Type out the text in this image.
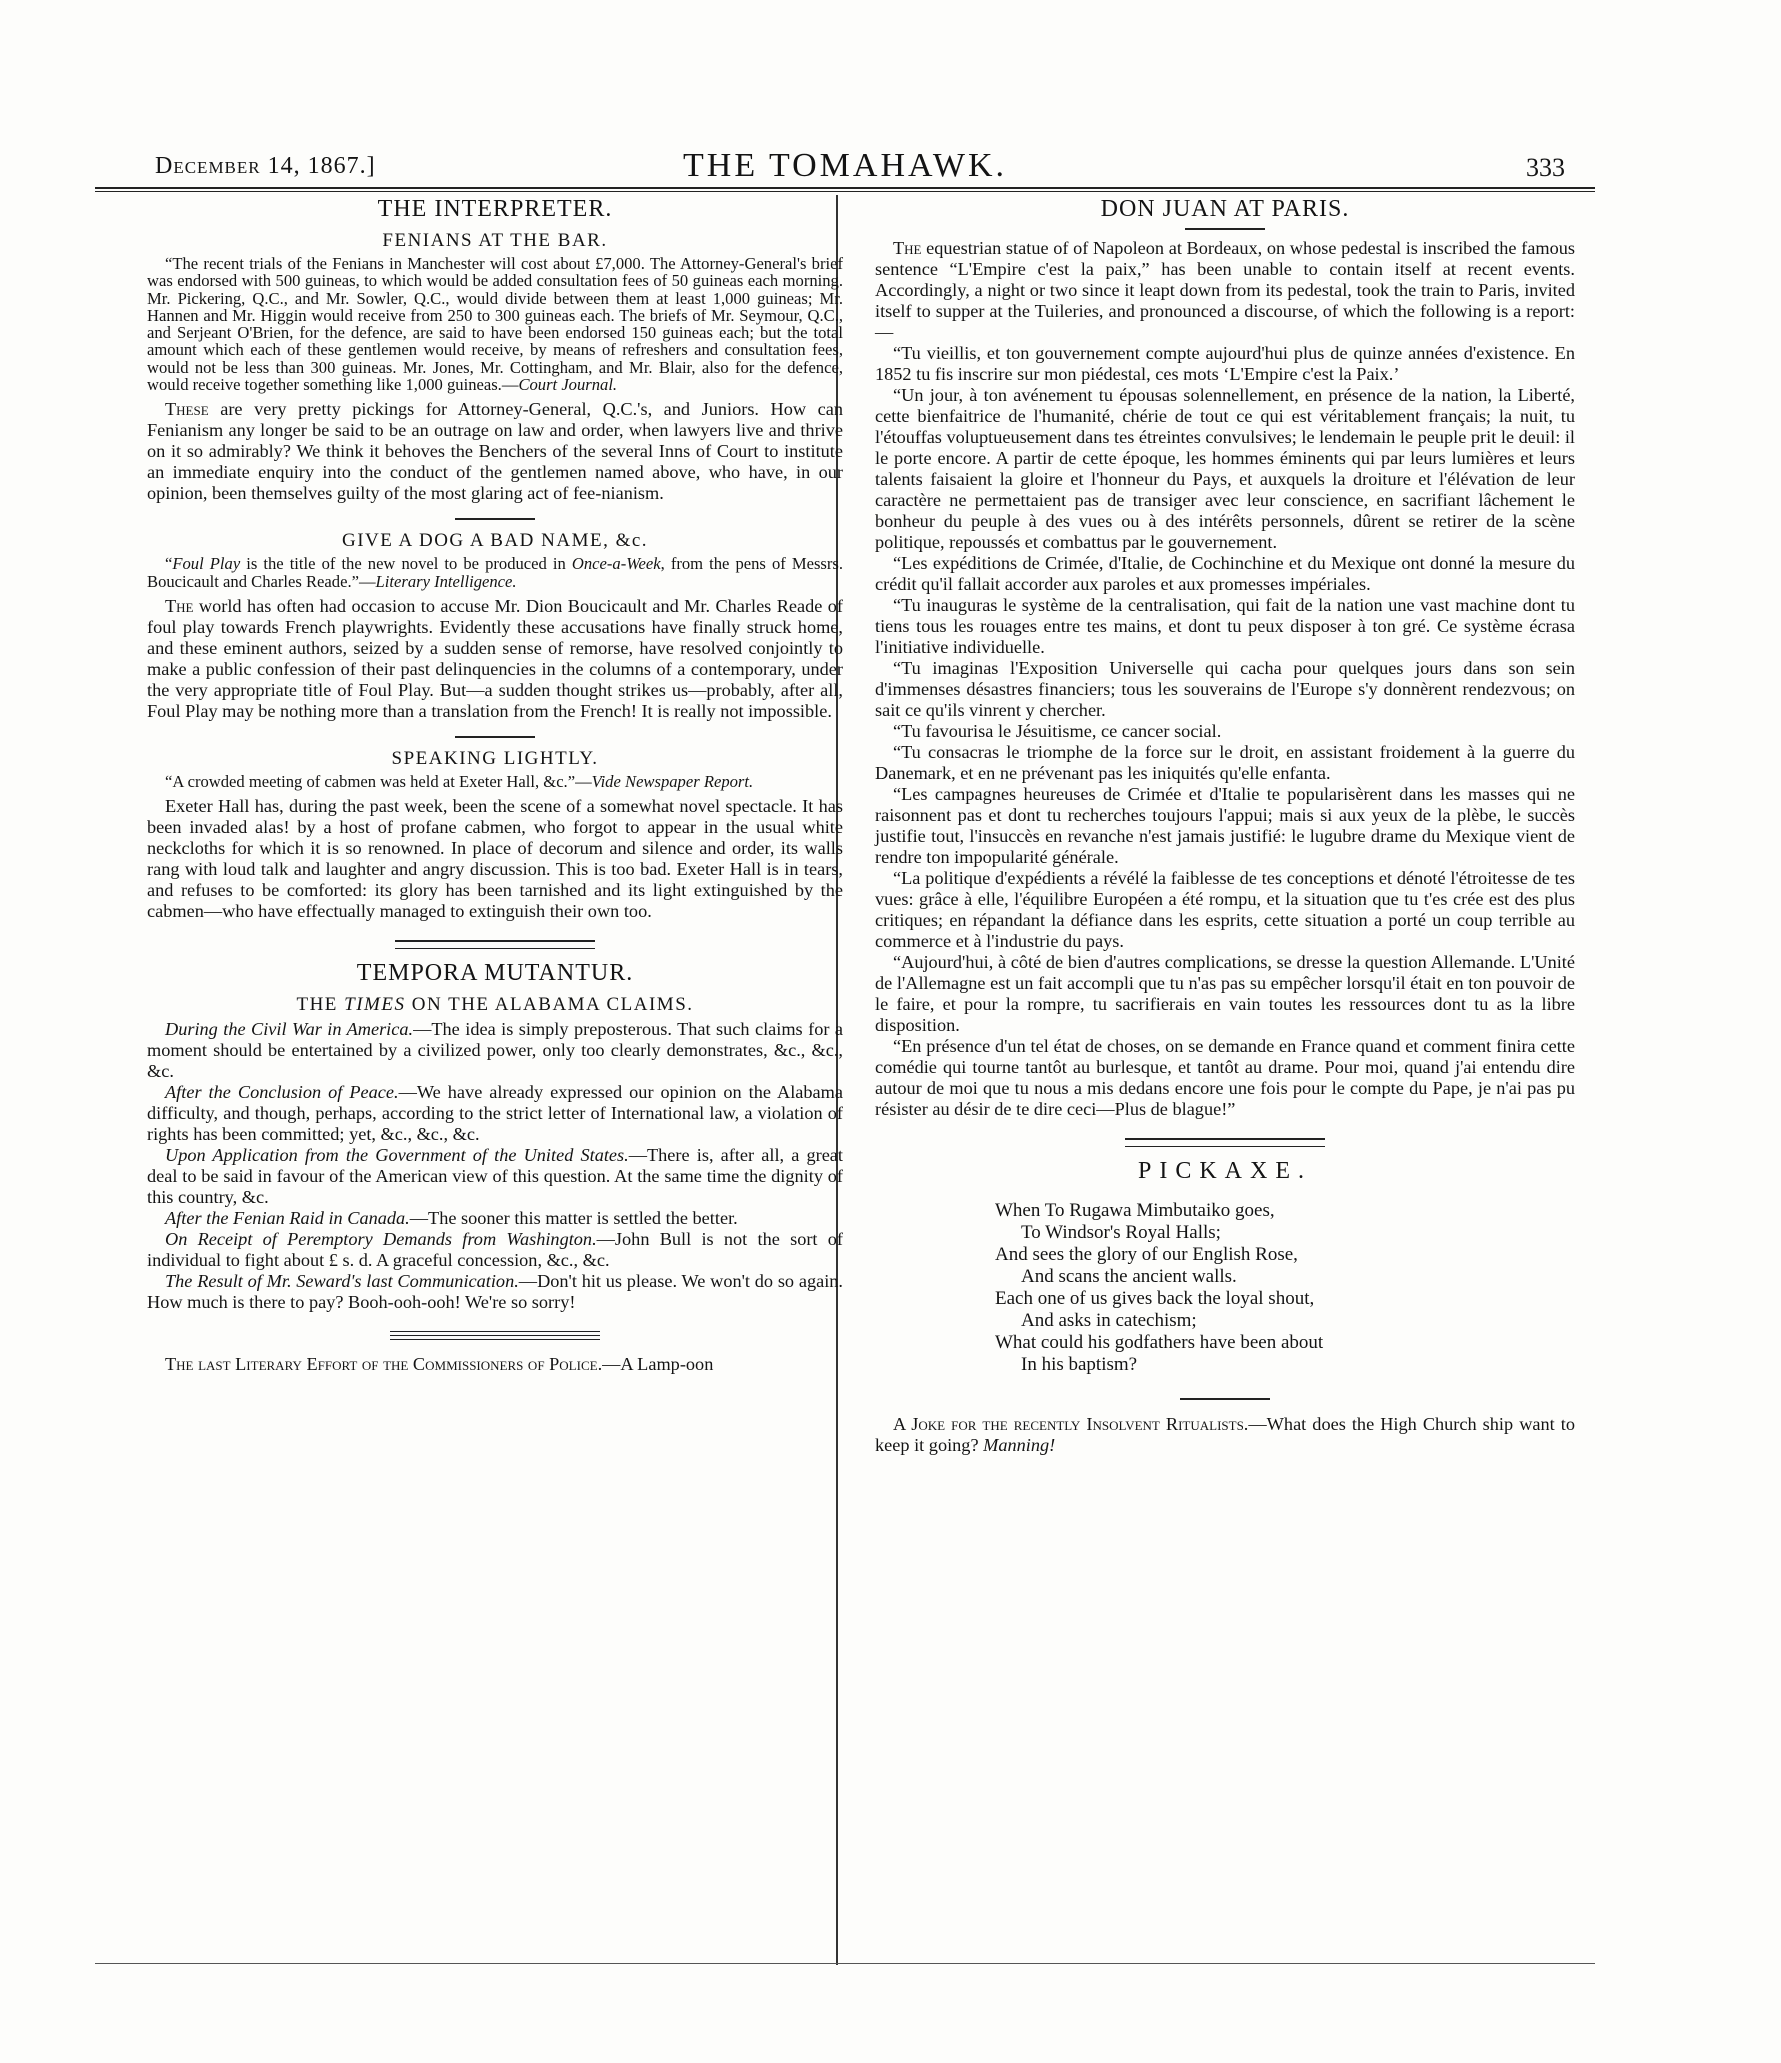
December 14, 1867.]	THE TOMAHAWK.	333
THE INTERPRETER.
FENIANS AT THE BAR.

“The recent trials of the Fenians in Manchester will cost about £7,000. The Attorney-General's brief was endorsed with 500 guineas, to which would be added consultation fees of 50 guineas each morning. Mr. Pickering, Q.C., and Mr. Sowler, Q.C., would divide between them at least 1,000 guineas; Mr. Hannen and Mr. Higgin would receive from 250 to 300 guineas each. The briefs of Mr. Seymour, Q.C., and Serjeant O'Brien, for the defence, are said to have been endorsed 150 guineas each; but the total amount which each of these gentlemen would receive, by means of refreshers and consultation fees, would not be less than 300 guineas. Mr. Jones, Mr. Cottingham, and Mr. Blair, also for the defence, would receive together something like 1,000 guineas.—Court Journal.

These are very pretty pickings for Attorney-General, Q.C.'s, and Juniors. How can Fenianism any longer be said to be an outrage on law and order, when lawyers live and thrive on it so admirably? We think it behoves the Benchers of the several Inns of Court to institute an immediate enquiry into the conduct of the gentlemen named above, who have, in our opinion, been themselves guilty of the most glaring act of fee-nianism.

GIVE A DOG A BAD NAME, &c.

“Foul Play is the title of the new novel to be produced in Once-a-Week, from the pens of Messrs. Boucicault and Charles Reade.”—Literary Intelligence.

The world has often had occasion to accuse Mr. Dion Boucicault and Mr. Charles Reade of foul play towards French playwrights. Evidently these accusations have finally struck home, and these eminent authors, seized by a sudden sense of remorse, have resolved conjointly to make a public confession of their past delinquencies in the columns of a contemporary, under the very appropriate title of Foul Play. But—a sudden thought strikes us—probably, after all, Foul Play may be nothing more than a translation from the French! It is really not impossible.

SPEAKING LIGHTLY.

“A crowded meeting of cabmen was held at Exeter Hall, &c.”—Vide Newspaper Report.

Exeter Hall has, during the past week, been the scene of a somewhat novel spectacle. It has been invaded alas! by a host of profane cabmen, who forgot to appear in the usual white neckcloths for which it is so renowned. In place of decorum and silence and order, its walls rang with loud talk and laughter and angry discussion. This is too bad. Exeter Hall is in tears, and refuses to be comforted: its glory has been tarnished and its light extinguished by the cabmen—who have effectually managed to extinguish their own too.

TEMPORA MUTANTUR.
THE TIMES ON THE ALABAMA CLAIMS.

During the Civil War in America.—The idea is simply preposterous. That such claims for a moment should be entertained by a civilized power, only too clearly demonstrates, &c., &c., &c.

After the Conclusion of Peace.—We have already expressed our opinion on the Alabama difficulty, and though, perhaps, according to the strict letter of International law, a violation of rights has been committed; yet, &c., &c., &c.

Upon Application from the Government of the United States.—There is, after all, a great deal to be said in favour of the American view of this question. At the same time the dignity of this country, &c.

After the Fenian Raid in Canada.—The sooner this matter is settled the better.

On Receipt of Peremptory Demands from Washington.—John Bull is not the sort of individual to fight about £ s. d. A graceful concession, &c., &c.

The Result of Mr. Seward's last Communication.—Don't hit us please. We won't do so again. How much is there to pay? Booh-ooh-ooh! We're so sorry!

The last Literary Effort of the Commissioners of Police.—A Lamp-oon

DON JUAN AT PARIS.

The equestrian statue of of Napoleon at Bordeaux, on whose pedestal is inscribed the famous sentence “L'Empire c'est la paix,” has been unable to contain itself at recent events. Accordingly, a night or two since it leapt down from its pedestal, took the train to Paris, invited itself to supper at the Tuileries, and pronounced a discourse, of which the following is a report:—

“Tu vieillis, et ton gouvernement compte aujourd'hui plus de quinze années d'existence. En 1852 tu fis inscrire sur mon piédestal, ces mots ‘L'Empire c'est la Paix.’

“Un jour, à ton avénement tu épousas solennellement, en présence de la nation, la Liberté, cette bienfaitrice de l'humanité, chérie de tout ce qui est véritablement français; la nuit, tu l'étouffas voluptueusement dans tes étreintes convulsives; le lendemain le peuple prit le deuil: il le porte encore. A partir de cette époque, les hommes éminents qui par leurs lumières et leurs talents faisaient la gloire et l'honneur du Pays, et auxquels la droiture et l'élévation de leur caractère ne permettaient pas de transiger avec leur conscience, en sacrifiant lâchement le bonheur du peuple à des vues ou à des intérêts personnels, dûrent se retirer de la scène politique, repoussés et combattus par le gouvernement.

“Les expéditions de Crimée, d'Italie, de Cochinchine et du Mexique ont donné la mesure du crédit qu'il fallait accorder aux paroles et aux promesses impériales.

“Tu inauguras le système de la centralisation, qui fait de la nation une vast machine dont tu tiens tous les rouages entre tes mains, et dont tu peux disposer à ton gré. Ce système écrasa l'initiative individuelle.

“Tu imaginas l'Exposition Universelle qui cacha pour quelques jours dans son sein d'immenses désastres financiers; tous les souverains de l'Europe s'y donnèrent rendezvous; on sait ce qu'ils vinrent y chercher.

“Tu favourisa le Jésuitisme, ce cancer social.

“Tu consacras le triomphe de la force sur le droit, en assistant froidement à la guerre du Danemark, et en ne prévenant pas les iniquités qu'elle enfanta.

“Les campagnes heureuses de Crimée et d'Italie te popularisèrent dans les masses qui ne raisonnent pas et dont tu recherches toujours l'appui; mais si aux yeux de la plèbe, le succès justifie tout, l'insuccès en revanche n'est jamais justifié: le lugubre drame du Mexique vient de rendre ton impopularité générale.

“La politique d'expédients a révélé la faiblesse de tes conceptions et dénoté l'étroitesse de tes vues: grâce à elle, l'équilibre Européen a été rompu, et la situation que tu t'es crée est des plus critiques; en répandant la défiance dans les esprits, cette situation a porté un coup terrible au commerce et à l'industrie du pays.

“Aujourd'hui, à côté de bien d'autres complications, se dresse la question Allemande. L'Unité de l'Allemagne est un fait accompli que tu n'as pas su empêcher lorsqu'il était en ton pouvoir de le faire, et pour la rompre, tu sacrifierais en vain toutes les ressources dont tu as la libre disposition.

“En présence d'un tel état de choses, on se demande en France quand et comment finira cette comédie qui tourne tantôt au burlesque, et tantôt au drame. Pour moi, quand j'ai entendu dire autour de moi que tu nous a mis dedans encore une fois pour le compte du Pape, je n'ai pas pu résister au désir de te dire ceci—Plus de blague!”

PICKAXE.
When To Rugawa Mimbutaiko goes,
To Windsor's Royal Halls;
And sees the glory of our English Rose,
And scans the ancient walls.
Each one of us gives back the loyal shout,
And asks in catechism;
What could his godfathers have been about
In his baptism?

A Joke for the recently Insolvent Ritualists.—What does the High Church ship want to keep it going? Manning!
